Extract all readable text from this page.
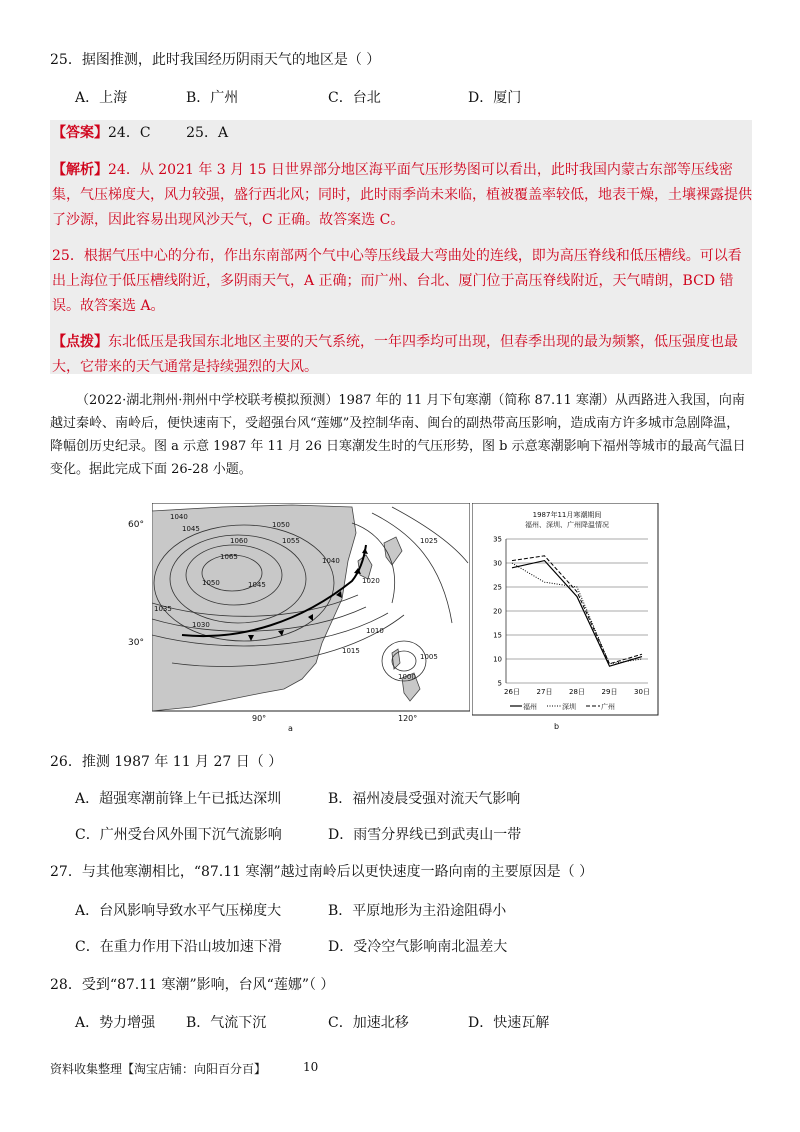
25．据图推测，此时我国经历阴雨天气的地区是（ ）
A．上海	B．广州	C．台北	D．厦门
【答案】24．C        25．A
【解析】24．从 2021 年 3 月 15 日世界部分地区海平面气压形势图可以看出，此时我国内蒙古东部等压线密集，气压梯度大，风力较强，盛行西北风；同时，此时雨季尚未来临，植被覆盖率较低，地表干燥，土壤裸露提供了沙源，因此容易出现风沙天气，C 正确。故答案选 C。
25．根据气压中心的分布，作出东南部两个气中心等压线最大弯曲处的连线，即为高压脊线和低压槽线。可以看出上海位于低压槽线附近，多阴雨天气，A 正确；而广州、台北、厦门位于高压脊线附近，天气晴朗，BCD 错误。故答案选 A。
【点拨】东北低压是我国东北地区主要的天气系统，一年四季均可出现，但春季出现的最为频繁，低压强度也最大，它带来的天气通常是持续强烈的大风。
（2022·湖北荆州·荆州中学校联考模拟预测）1987 年的 11 月下旬寒潮（简称 87.11 寒潮）从西路进入我国，向南越过秦岭、南岭后，便快速南下，受超强台风“莲娜”及控制华南、闽台的副热带高压影响，造成南方许多城市急剧降温，降幅创历史纪录。图 a 示意 1987 年 11 月 26 日寒潮发生时的气压形势，图 b 示意寒潮影响下福州等城市的最高气温日变化。据此完成下面 26-28 小题。
1040
1045	1050
1055
1060
1065
1050	1045
1040
1035
1030
1025
1020
1015
1010
1005
1000
90°	120°
a
60°
30°
1987年11月寒潮期间
福州、深圳、广州降温情况
5
10
15
20
25
30
35
26日 27日 28日 29日 30日
福州	深圳	广州
b
26．推测 1987 年 11 月 27 日（ ）
A．超强寒潮前锋上午已抵达深圳	B．福州凌晨受强对流天气影响
C．广州受台风外围下沉气流影响	D．雨雪分界线已到武夷山一带
27．与其他寒潮相比，“87.11 寒潮”越过南岭后以更快速度一路向南的主要原因是（ ）
A．台风影响导致水平气压梯度大	B．平原地形为主沿途阻碍小
C．在重力作用下沿山坡加速下滑	D．受冷空气影响南北温差大
28．受到“87.11 寒潮”影响，台风“莲娜”（ ）
A．势力增强 B．气流下沉	C．加速北移	D．快速瓦解
资料收集整理【淘宝店铺：向阳百分百】	10
